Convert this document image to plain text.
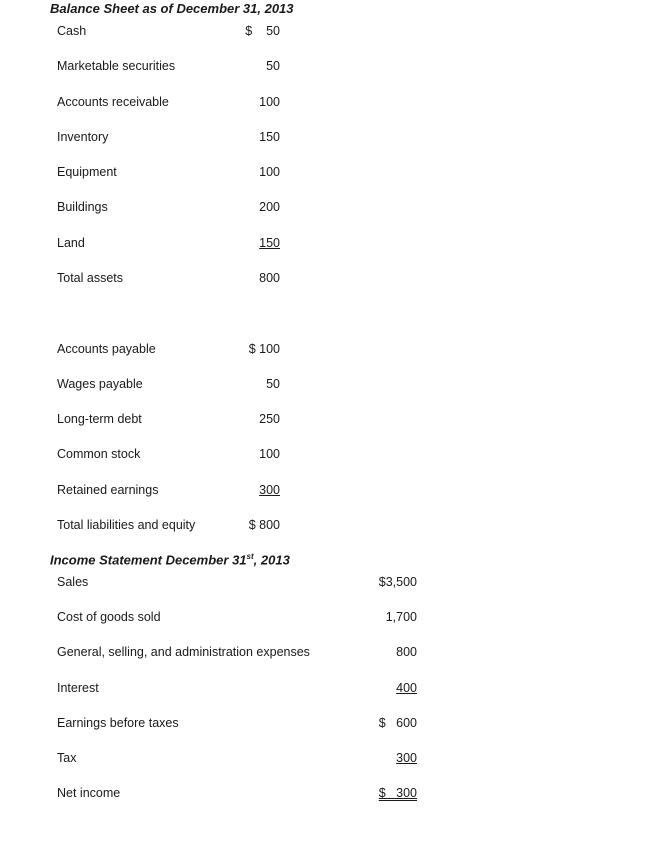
Balance Sheet as of December 31, 2013
Cash	$    50
Marketable securities	50
Accounts receivable	100
Inventory	150
Equipment	100
Buildings	200
Land	150
Total assets	800
Accounts payable	$ 100
Wages payable	50
Long-term debt	250
Common stock	100
Retained earnings	300
Total liabilities and equity	$ 800
Income Statement December 31st, 2013
Sales	$3,500
Cost of goods sold	1,700
General, selling, and administration expenses	800
Interest	400
Earnings before taxes	$   600
Tax	300
Net income	$   300
